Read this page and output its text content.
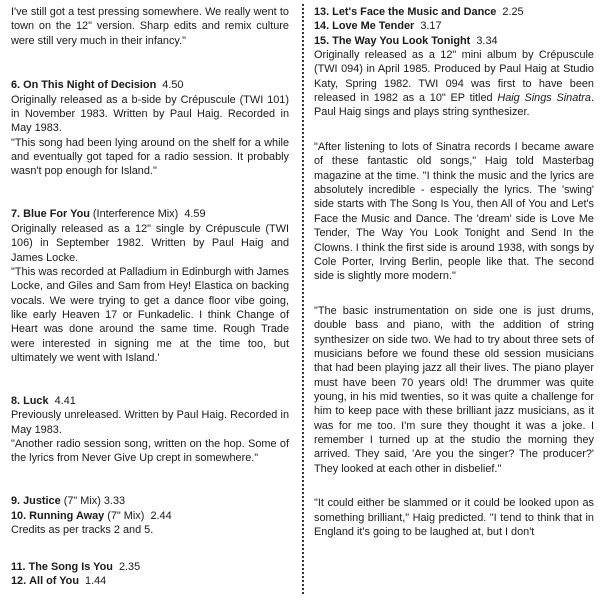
I've still got a test pressing somewhere. We really went to town on the 12" version. Sharp edits and remix culture were still very much in their infancy."

6. On This Night of Decision 4.50

Originally released as a b-side by Crépuscule (TWI 101) in November 1983. Written by Paul Haig. Recorded in May 1983.

"This song had been lying around on the shelf for a while and eventually got taped for a radio session. It probably wasn't pop enough for Island."

7. Blue For You (Interference Mix) 4.59

Originally released as a 12" single by Crépuscule (TWI 106) in September 1982. Written by Paul Haig and James Locke.

"This was recorded at Palladium in Edinburgh with James Locke, and Giles and Sam from Hey! Elastica on backing vocals. We were trying to get a dance floor vibe going, like early Heaven 17 or Funkadelic. I think Change of Heart was done around the same time. Rough Trade were interested in signing me at the time too, but ultimately we went with Island.'

8. Luck 4.41

Previously unreleased. Written by Paul Haig. Recorded in May 1983.

"Another radio session song, written on the hop. Some of the lyrics from Never Give Up crept in somewhere."

9. Justice (7" Mix) 3.33

10. Running Away (7" Mix) 2.44

Credits as per tracks 2 and 5.

11. The Song Is You 2.35

12. All of You 1.44

13. Let's Face the Music and Dance 2.25

14. Love Me Tender 3.17

15. The Way You Look Tonight 3.34

Originally released as a 12" mini album by Crépuscule (TWI 094) in April 1985. Produced by Paul Haig at Studio Katy, Spring 1982. TWI 094 was first to have been released in 1982 as a 10" EP titled Haig Sings Sinatra. Paul Haig sings and plays string synthesizer.

"After listening to lots of Sinatra records I became aware of these fantastic old songs," Haig told Masterbag magazine at the time. "I think the music and the lyrics are absolutely incredible - especially the lyrics. The 'swing' side starts with The Song Is You, then All of You and Let's Face the Music and Dance. The 'dream' side is Love Me Tender, The Way You Look Tonight and Send In the Clowns. I think the first side is around 1938, with songs by Cole Porter, Irving Berlin, people like that. The second side is slightly more modern."

"The basic instrumentation on side one is just drums, double bass and piano, with the addition of string synthesizer on side two. We had to try about three sets of musicians before we found these old session musicians that had been playing jazz all their lives. The piano player must have been 70 years old! The drummer was quite young, in his mid twenties, so it was quite a challenge for him to keep pace with these brilliant jazz musicians, as it was for me too. I'm sure they thought it was a joke. I remember I turned up at the studio the morning they arrived. They said, 'Are you the singer? The producer?' They looked at each other in disbelief."

"It could either be slammed or it could be looked upon as something brilliant," Haig predicted. "I tend to think that in England it's going to be laughed at, but I don't
